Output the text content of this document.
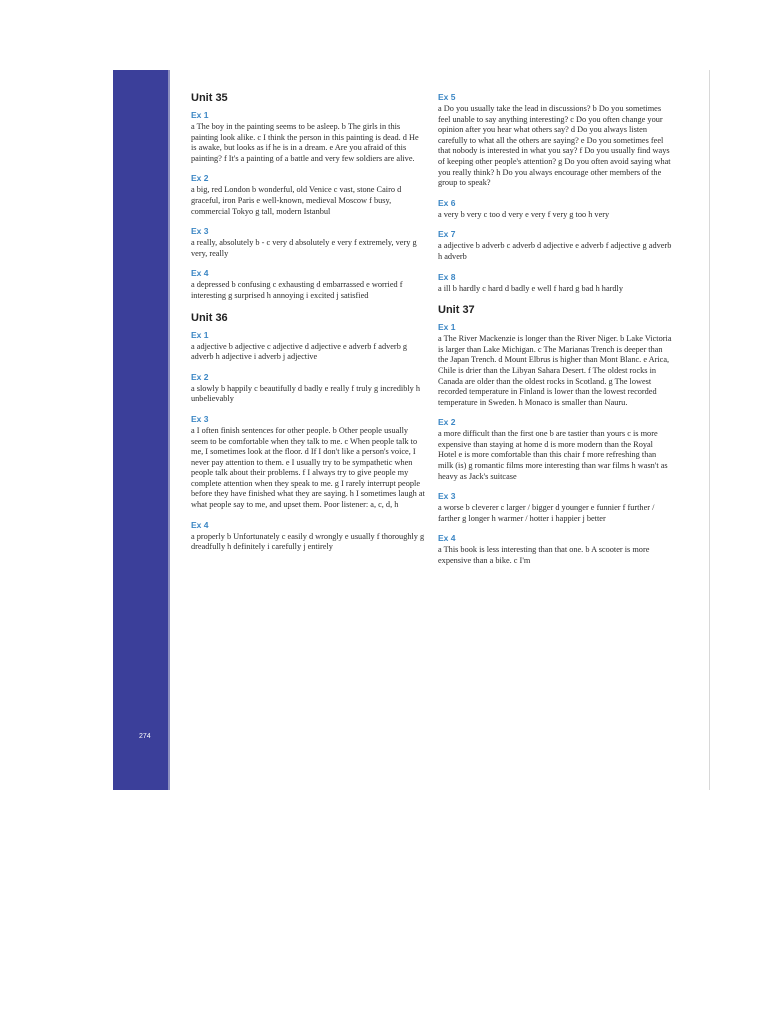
274
Unit 35
Ex 1

a The boy in the painting seems to be asleep. b The girls in this painting look alike. c I think the person in this painting is dead. d He is awake, but looks as if he is in a dream. e Are you afraid of this painting? f It's a painting of a battle and very few soldiers are alive.

Ex 2

a big, red London b wonderful, old Venice c vast, stone Cairo d graceful, iron Paris e well-known, medieval Moscow f busy, commercial Tokyo g tall, modern Istanbul

Ex 3

a really, absolutely b - c very d absolutely e very f extremely, very g very, really

Ex 4

a depressed b confusing c exhausting d embarrassed e worried f interesting g surprised h annoying i excited j satisfied

Unit 36
Ex 1

a adjective b adjective c adjective d adjective e adverb f adverb g adverb h adjective i adverb j adjective

Ex 2

a slowly b happily c beautifully d badly e really f truly g incredibly h unbelievably

Ex 3

a I often finish sentences for other people. b Other people usually seem to be comfortable when they talk to me. c When people talk to me, I sometimes look at the floor. d If I don't like a person's voice, I never pay attention to them. e I usually try to be sympathetic when people talk about their problems. f I always try to give people my complete attention when they speak to me. g I rarely interrupt people before they have finished what they are saying. h I sometimes laugh at what people say to me, and upset them. Poor listener: a, c, d, h

Ex 4

a properly b Unfortunately c easily d wrongly e usually f thoroughly g dreadfully h definitely i carefully j entirely

Ex 5

a Do you usually take the lead in discussions? b Do you sometimes feel unable to say anything interesting? c Do you often change your opinion after you hear what others say? d Do you always listen carefully to what all the others are saying? e Do you sometimes feel that nobody is interested in what you say? f Do you usually find ways of keeping other people's attention? g Do you often avoid saying what you really think? h Do you always encourage other members of the group to speak?

Ex 6

a very b very c too d very e very f very g too h very

Ex 7

a adjective b adverb c adverb d adjective e adverb f adjective g adverb h adverb

Ex 8

a ill b hardly c hard d badly e well f hard g bad h hardly

Unit 37
Ex 1

a The River Mackenzie is longer than the River Niger. b Lake Victoria is larger than Lake Michigan. c The Marianas Trench is deeper than the Japan Trench. d Mount Elbrus is higher than Mont Blanc. e Arica, Chile is drier than the Libyan Sahara Desert. f The oldest rocks in Canada are older than the oldest rocks in Scotland. g The lowest recorded temperature in Finland is lower than the lowest recorded temperature in Sweden. h Monaco is smaller than Nauru.

Ex 2

a more difficult than the first one b are tastier than yours c is more expensive than staying at home d is more modern than the Royal Hotel e is more comfortable than this chair f more refreshing than milk (is) g romantic films more interesting than war films h wasn't as heavy as Jack's suitcase

Ex 3

a worse b cleverer c larger / bigger d younger e funnier f further / farther g longer h warmer / hotter i happier j better

Ex 4

a This book is less interesting than that one. b A scooter is more expensive than a bike. c I'm
